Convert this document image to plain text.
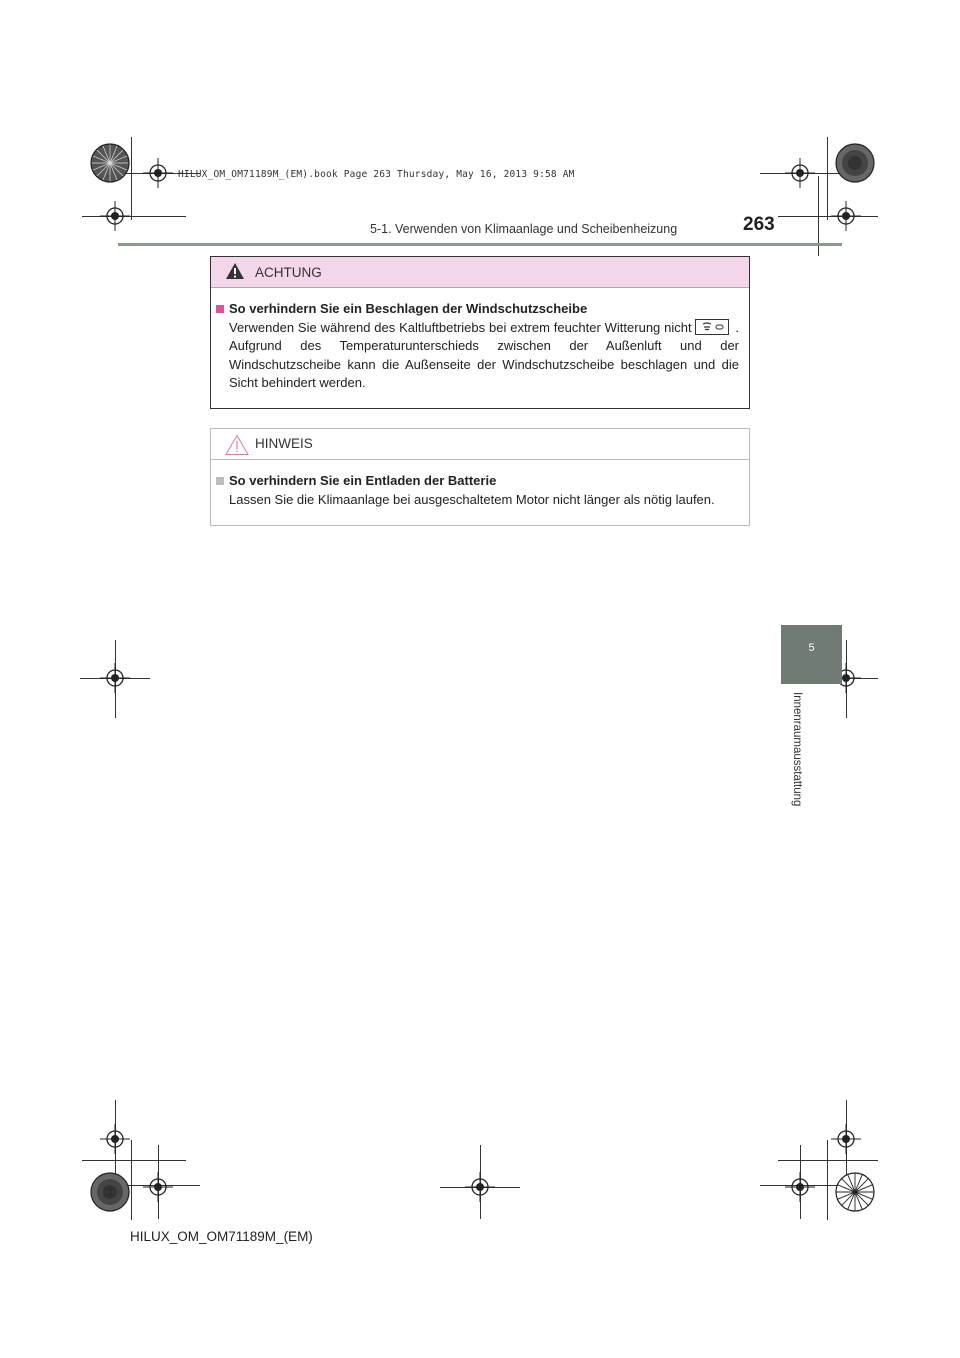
HILUX_OM_OM71189M_(EM).book Page 263 Thursday, May 16, 2013 9:58 AM
5-1. Verwenden von Klimaanlage und Scheibenheizung	263
5
Innenraumausstattung
ACHTUNG
So verhindern Sie ein Beschlagen der Windschutzscheibe
Verwenden Sie während des Kaltluftbetriebs bei extrem feuchter Witterung nicht	. Aufgrund des Temperaturunterschieds zwischen der Außenluft und der Windschutzscheibe kann die Außenseite der Windschutzscheibe beschlagen und die Sicht behindert werden.
HINWEIS
So verhindern Sie ein Entladen der Batterie
Lassen Sie die Klimaanlage bei ausgeschaltetem Motor nicht länger als nötig laufen.
HILUX_OM_OM71189M_(EM)
